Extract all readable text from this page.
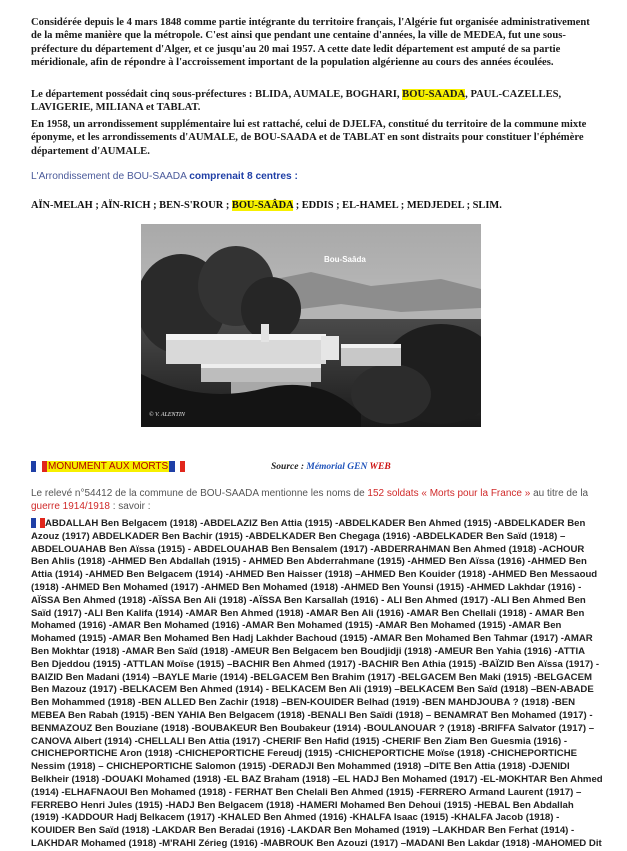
Considérée depuis le 4 mars 1848 comme partie intégrante du territoire français, l'Algérie fut organisée administrativement de la même manière que la métropole. C'est ainsi que pendant une centaine d'années, la ville de MEDEA, fut une sous-préfecture du département d'Alger, et ce jusqu'au 20 mai 1957. A cette date ledit département est amputé de sa partie méridionale, afin de répondre à l'accroissement important de la population algérienne au cours des années écoulées.
Le département possédait cinq sous-préfectures : BLIDA, AUMALE, BOGHARI, BOU-SAADA, PAUL-CAZELLES, LAVIGERIE, MILIANA et TABLAT.
En 1958, un arrondissement supplémentaire lui est rattaché, celui de DJELFA, constitué du territoire de la commune mixte éponyme, et les arrondissements d'AUMALE, de BOU-SAADA et de TABLAT en sont distraits pour constituer l'éphémère département d'AUMALE.
L'Arrondissement de BOU-SAADA comprenait 8 centres :
AÏN-MELAH ; AÏN-RICH ; BEN-S'ROUR ; BOU-SAÂDA ; EDDIS ; EL-HAMEL ; MEDJEDEL ; SLIM.
Bou-Saâda
© V. ALENTIN
MONUMENT AUX MORTS	Source : Mémorial GEN WEB
Le relevé n°54412 de la commune de BOU-SAADA mentionne les noms de 152 soldats « Morts pour la France » au titre de la guerre 1914/1918 : savoir :
ABDALLAH Ben Belgacem (1918) -ABDELAZIZ Ben Attia (1915) -ABDELKADER Ben Ahmed (1915) -ABDELKADER Ben Azouz (1917) ABDELKADER Ben Bachir (1915) -ABDELKADER Ben Chegaga (1916) -ABDELKADER Ben Saïd (1918) – ABDELOUAHAB Ben Aïssa (1915) - ABDELOUAHAB Ben Bensalem (1917) -ABDERRAHMAN Ben Ahmed (1918) -ACHOUR Ben Ahlis (1918) -AHMED Ben Abdallah (1915) - AHMED Ben Abderrahmane (1915) -AHMED Ben Aïssa (1916) -AHMED Ben Attia (1914) -AHMED Ben Belgacem (1914) -AHMED Ben Haisser (1918) –AHMED Ben Kouider (1918) -AHMED Ben Messaoud (1918) -AHMED Ben Mohamed (1917) -AHMED Ben Mohamed (1918) -AHMED Ben Younsi (1915) -AHMED Lakhdar (1916) -AÏSSA Ben Ahmed (1918) -AÏSSA Ben Ali (1918) -AÏSSA Ben Karsallah (1916) - ALI Ben Ahmed (1917) -ALI Ben Ahmed Ben Saïd (1917) -ALI Ben Kalifa (1914) -AMAR Ben Ahmed (1918) -AMAR Ben Ali (1916) -AMAR Ben Chellali (1918) - AMAR Ben Mohamed (1916) -AMAR Ben Mohamed (1916) -AMAR Ben Mohamed (1915) -AMAR Ben Mohamed (1915) -AMAR Ben Mohamed (1915) -AMAR Ben Mohamed Ben Hadj Lakhder Bachoud (1915) -AMAR Ben Mohamed Ben Tahmar (1917) -AMAR Ben Mokhtar (1918) -AMAR Ben Saïd (1918) -AMEUR Ben Belgacem ben Boudjidji (1918) -AMEUR Ben Yahia (1916) -ATTIA Ben Djeddou (1915) -ATTLAN Moïse (1915) –BACHIR Ben Ahmed (1917) -BACHIR Ben Athia (1915) -BAÏZID Ben Aïssa (1917) -BAIZID Ben Madani (1914) –BAYLE Marie (1914) -BELGACEM Ben Brahim (1917) -BELGACEM Ben Maki (1915) -BELGACEM Ben Mazouz (1917) -BELKACEM Ben Ahmed (1914) - BELKACEM Ben Ali (1919) –BELKACEM Ben Saïd (1918) –BEN-ABADE Ben Mohammed (1918) -BEN ALLED Ben Zachir (1918) –BEN-KOUIDER Belhad (1919) -BEN MAHDJOUBA ? (1918) -BEN MEBEA Ben Rabah (1915) -BEN YAHIA Ben Belgacem (1918) -BENALI Ben Saïdi (1918) – BENAMRAT Ben Mohamed (1917) -BENMAZOUZ Ben Bouziane (1918) -BOUBAKEUR Ben Boubakeur (1914) -BOULANOUAR ? (1918) -BRIFFA Salvator (1917) –CANOVA Albert (1914) -CHELLALI Ben Attia (1917) -CHERIF Ben Hafid (1915) -CHERIF Ben Ziam Ben Guesmia (1916) - CHICHEPORTICHE Aron (1918) -CHICHEPORTICHE Fereudj (1915) -CHICHEPORTICHE Moïse (1918) -CHICHEPORTICHE Nessim (1918) – CHICHEPORTICHE Salomon (1915) -DERADJI Ben Mohammed (1918) –DITE Ben Attia (1918) -DJENIDI Belkheir (1918) -DOUAKI Mohamed (1918) -EL BAZ Braham (1918) –EL HADJ Ben Mohamed (1917) -EL-MOKHTAR Ben Ahmed (1914) -ELHAFNAOUI Ben Mohamed (1918) - FERHAT Ben Chelali Ben Ahmed (1915) -FERRERO Armand Laurent (1917) –FERREBO Henri Jules (1915) -HADJ Ben Belgacem (1918) -HAMERI Mohamed Ben Dehoui (1915) -HEBAL Ben Abdallah (1919) -KADDOUR Hadj Belkacem (1917) -KHALED Ben Ahmed (1916) -KHALFA Isaac (1915) -KHALFA Jacob (1918) -KOUIDER Ben Saïd (1918) -LAKDAR Ben Beradai (1916) -LAKDAR Ben Mohamed (1919) –LAKHDAR Ben Ferhat (1914) -LAKHDAR Mohamed (1918) -M'RAHI Zérieg (1916) -MABROUK Ben Azouzi (1917) –MADANI Ben Lakdar (1918) -MAHOMED Dit
